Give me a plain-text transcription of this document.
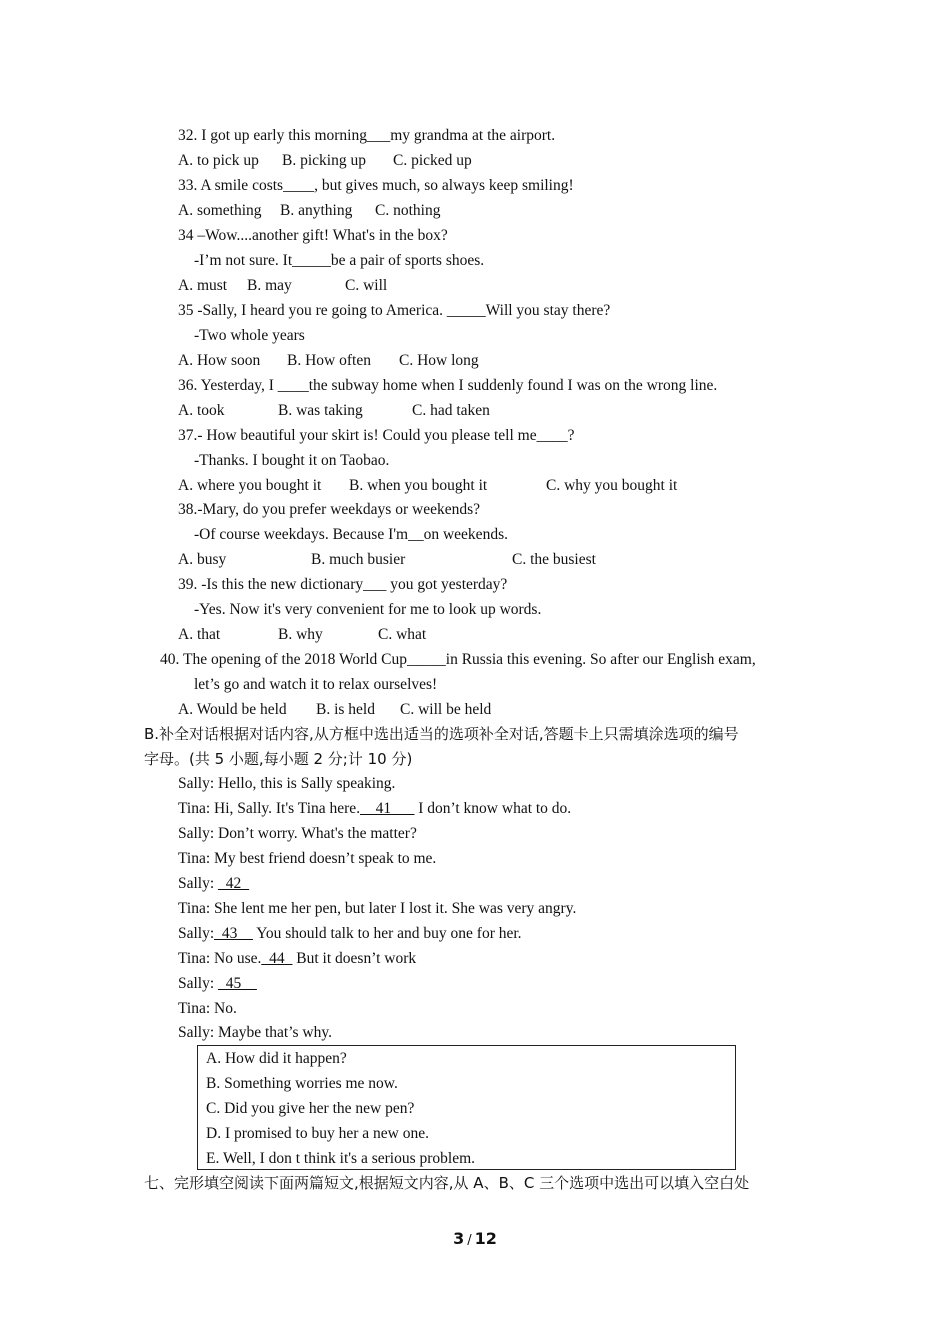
32. I got up early this morning___my grandma at the airport.

A. to pick up

B. picking up

C. picked up

33. A smile costs____, but gives much, so always keep smiling!

A. something

B. anything

C. nothing

34 –Wow....another gift! What's in the box?
-I’m not sure. It_____be a pair of sports shoes.

A. must

B. may

	C. will

35 -Sally, I heard you re going to America. _____Will you stay there?
-Two whole years

A. How soon

B. How often

C. How long

36. Yesterday, I ____the subway home when I suddenly found I was on the wrong line.

A. took

	B. was taking

	C. had taken

37.- How beautiful your skirt is! Could you please tell me____?
-Thanks. I bought it on Taobao.

A. where you bought it

B. when you bought it

	C. why you bought it

38.-Mary, do you prefer weekdays or weekends?
-Of course weekdays. Because I'm__on weekends.

A. busy

	B. much busier

	C. the busiest

39. -Is this the new dictionary___ you got yesterday?
-Yes. Now it's very convenient for me to look up words.

A. that

	B. why

	C. what

40. The opening of the 2018 World Cup_____in Russia this evening. So after our English exam,
let’s go and watch it to relax ourselves!

A. Would be held

B. is held

C. will be held

B.补全对话根据对话内容,从方框中选出适当的选项补全对话,答题卡上只需填涂选项的编号
字母。(共 5 小题,每小题 2 分;计 10 分)
Sally: Hello, this is Sally speaking.
Tina: Hi, Sally. It's Tina here.__41___ I don’t know what to do.
Sally: Don’t worry. What's the matter?
Tina: My best friend doesn’t speak to me.
Sally: _42_
Tina: She lent me her pen, but later I lost it. She was very angry.
Sally:_43__ You should talk to her and buy one for her.
Tina: No use._44_ But it doesn’t work
Sally: _45__
Tina: No.
Sally: Maybe that’s why.
A. How did it happen?
B. Something worries me now.
C. Did you give her the new pen?
D. I promised to buy her a new one.
E. Well, I don t think it's a serious problem.
七、完形填空阅读下面两篇短文,根据短文内容,从 A、B、C 三个选项中选出可以填入空白处
3 / 12
